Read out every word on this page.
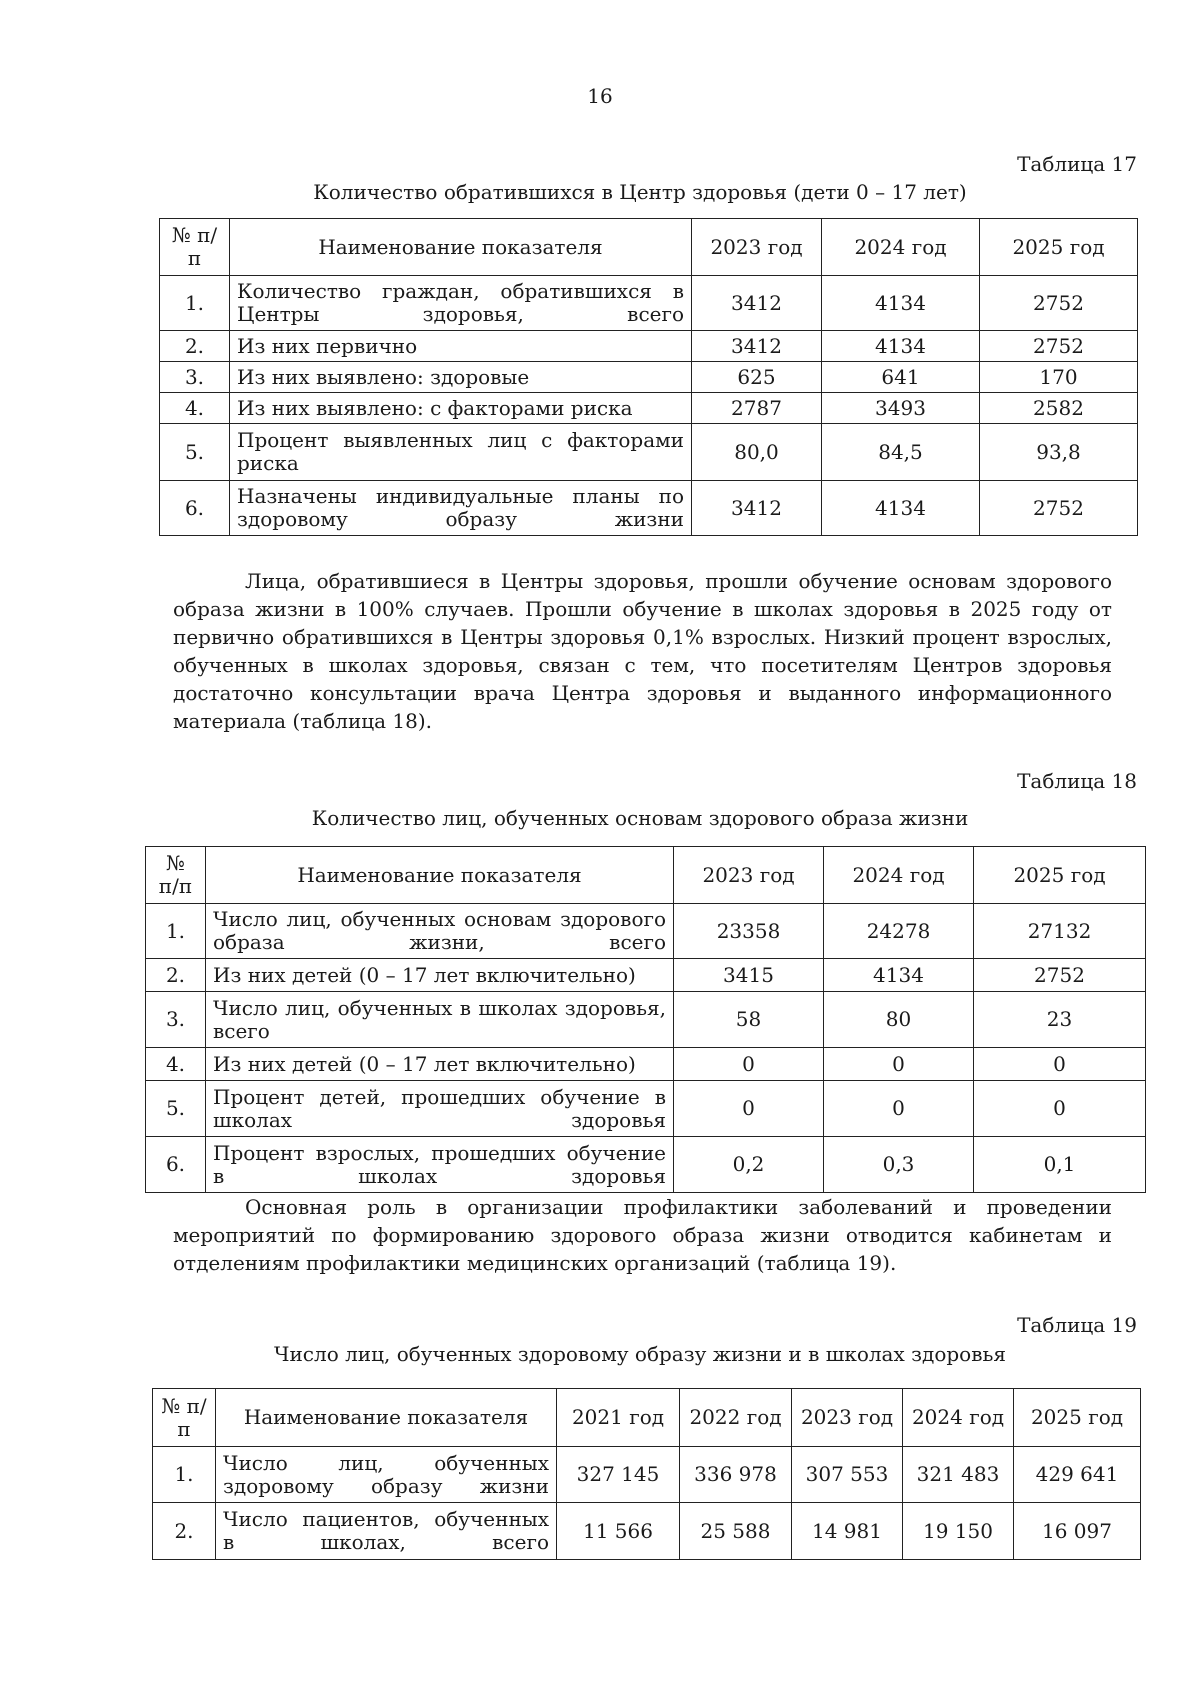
16
Таблица 17
Количество обратившихся в Центр здоровья (дети 0 – 17 лет)
№ п/п	Наименование показателя	2023 год	2024 год	2025 год
1.	Количество граждан, обратившихся в Центры здоровья, всего	3412	4134	2752
2.	Из них первично	3412	4134	2752
3.	Из них выявлено: здоровые	625	641	170
4.	Из них выявлено: с факторами риска	2787	3493	2582
5.	Процент выявленных лиц с факторами риска	80,0	84,5	93,8
6.	Назначены индивидуальные планы по здоровому образу жизни	3412	4134	2752
Лица, обратившиеся в Центры здоровья, прошли обучение основам здорового образа жизни в 100% случаев. Прошли обучение в школах здоровья в 2025 году от первично обратившихся в Центры здоровья 0,1% взрослых. Низкий процент взрослых, обученных в школах здоровья, связан с тем, что посетителям Центров здоровья достаточно консультации врача Центра здоровья и выданного информационного материала (таблица 18).
Таблица 18
Количество лиц, обученных основам здорового образа жизни
№ п/п	Наименование показателя	2023 год	2024 год	2025 год
1.	Число лиц, обученных основам здорового образа жизни, всего	23358	24278	27132
2.	Из них детей (0 – 17 лет включительно)	3415	4134	2752
3.	Число лиц, обученных в школах здоровья, всего	58	80	23
4.	Из них детей (0 – 17 лет включительно)	0	0	0
5.	Процент детей, прошедших обучение в школах здоровья	0	0	0
6.	Процент взрослых, прошедших обучение в школах здоровья	0,2	0,3	0,1
Основная роль в организации профилактики заболеваний и проведении мероприятий по формированию здорового образа жизни отводится кабинетам и отделениям профилактики медицинских организаций (таблица 19).
Таблица 19
Число лиц, обученных здоровому образу жизни и в школах здоровья
№ п/п	Наименование показателя	2021 год	2022 год	2023 год	2024 год	2025 год
1.	Число лиц, обученных здоровому образу жизни	327 145	336 978	307 553	321 483	429 641
2.	Число пациентов, обученных в школах, всего	11 566	25 588	14 981	19 150	16 097
